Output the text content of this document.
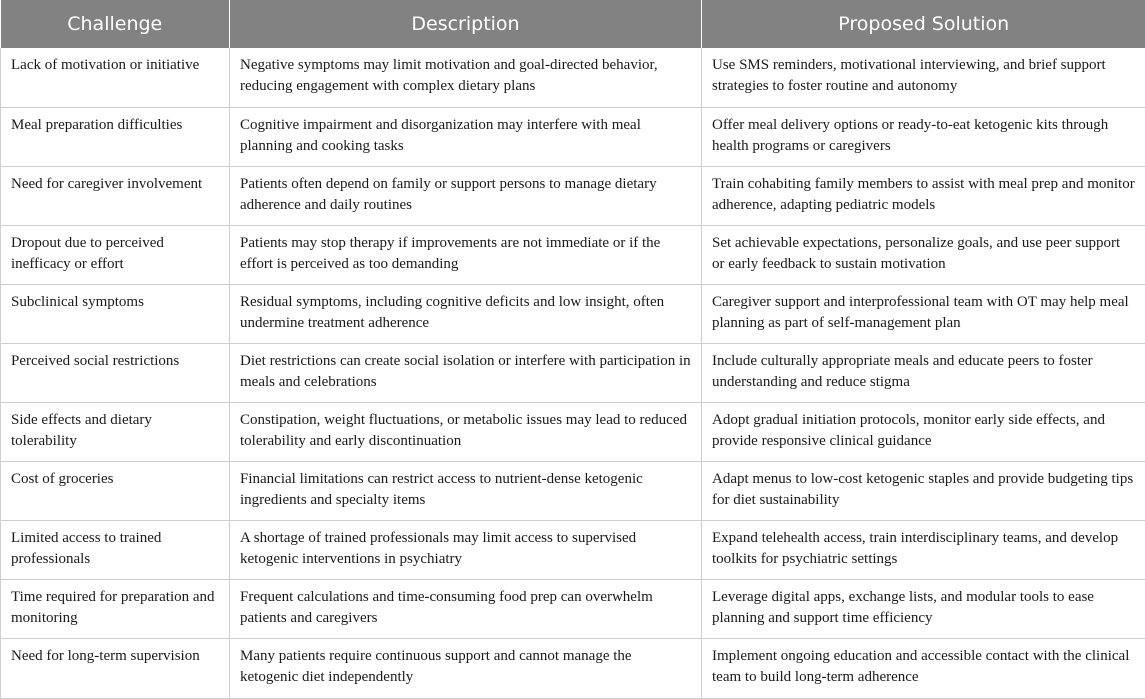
Challenge	Description	Proposed Solution
Lack of motivation or initiative	Negative symptoms may limit motivation and goal-directed behavior, reducing engagement with complex dietary plans	Use SMS reminders, motivational interviewing, and brief support strategies to foster routine and autonomy
Meal preparation difficulties	Cognitive impairment and disorganization may interfere with meal planning and cooking tasks	Offer meal delivery options or ready-to-eat ketogenic kits through health programs or caregivers
Need for caregiver involvement	Patients often depend on family or support persons to manage dietary adherence and daily routines	Train cohabiting family members to assist with meal prep and monitor adherence, adapting pediatric models
Dropout due to perceived inefficacy or effort	Patients may stop therapy if improvements are not immediate or if the effort is perceived as too demanding	Set achievable expectations, personalize goals, and use peer support or early feedback to sustain motivation
Subclinical symptoms	Residual symptoms, including cognitive deficits and low insight, often undermine treatment adherence	Caregiver support and interprofessional team with OT may help meal planning as part of self-management plan
Perceived social restrictions	Diet restrictions can create social isolation or interfere with participation in meals and celebrations	Include culturally appropriate meals and educate peers to foster understanding and reduce stigma
Side effects and dietary tolerability	Constipation, weight fluctuations, or metabolic issues may lead to reduced tolerability and early discontinuation	Adopt gradual initiation protocols, monitor early side effects, and provide responsive clinical guidance
Cost of groceries	Financial limitations can restrict access to nutrient-dense ketogenic ingredients and specialty items	Adapt menus to low-cost ketogenic staples and provide budgeting tips for diet sustainability
Limited access to trained professionals	A shortage of trained professionals may limit access to supervised ketogenic interventions in psychiatry	Expand telehealth access, train interdisciplinary teams, and develop toolkits for psychiatric settings
Time required for preparation and monitoring	Frequent calculations and time-consuming food prep can overwhelm patients and caregivers	Leverage digital apps, exchange lists, and modular tools to ease planning and support time efficiency
Need for long-term supervision	Many patients require continuous support and cannot manage the ketogenic diet independently	Implement ongoing education and accessible contact with the clinical team to build long-term adherence
